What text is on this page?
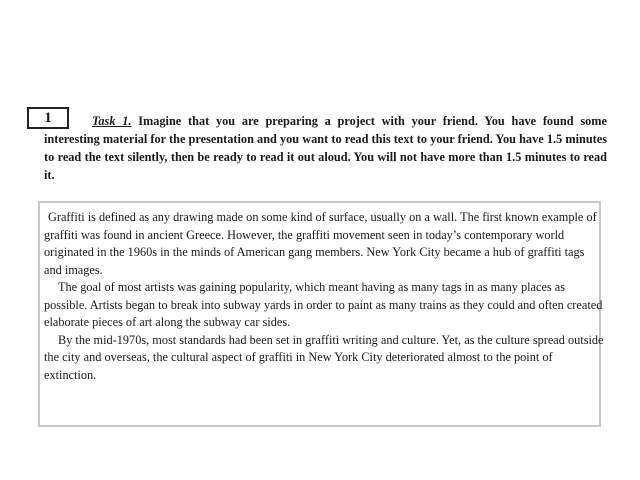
1	Task 1. Imagine that you are preparing a project with your friend. You have found some interesting material for the presentation and you want to read this text to your friend. You have 1.5 minutes to read the text silently, then be ready to read it out aloud. You will not have more than 1.5 minutes to read it.

Graffiti is defined as any drawing made on some kind of surface, usually on a wall. The first known example of graffiti was found in ancient Greece. However, the graffiti movement seen in today’s contemporary world originated in the 1960s in the minds of American gang members. New York City became a hub of graffiti tags and images.

The goal of most artists was gaining popularity, which meant having as many tags in as many places as possible. Artists began to break into subway yards in order to paint as many trains as they could and often created elaborate pieces of art along the subway car sides.

By the mid-1970s, most standards had been set in graffiti writing and culture. Yet, as the culture spread outside the city and overseas, the cultural aspect of graffiti in New York City deteriorated almost to the point of extinction.
